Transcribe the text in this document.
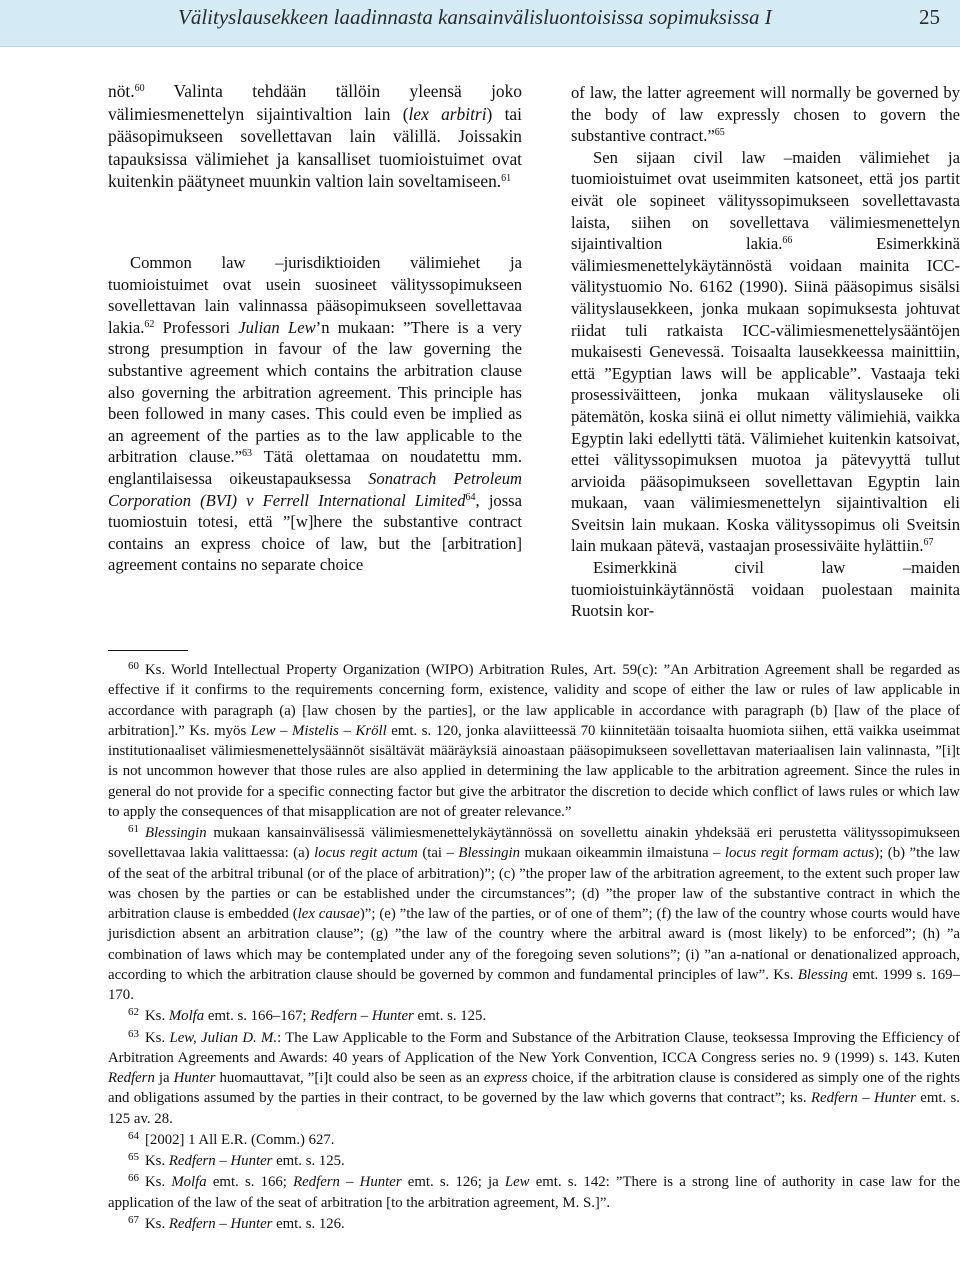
Välityslausekkeen laadinnasta kansainvälisluontoisissa sopimuksissa I	25

nöt.$^{60}$ Valinta tehdään tällöin yleensä joko välimiesmenettelyn sijaintivaltion lain (lex arbitri) tai pääsopimukseen sovellettavan lain välillä. Joissakin tapauksissa välimiehet ja kansalliset tuomioistuimet ovat kuitenkin päätyneet muunkin valtion lain soveltamiseen.$^{61}$

Common law –jurisdiktioiden välimiehet ja tuomioistuimet ovat usein suosineet välityssopimukseen sovellettavan lain valinnassa pääsopimukseen sovellettavaa lakia.$^{62}$ Professori Julian Lew’n mukaan: ”There is a very strong presumption in favour of the law governing the substantive agreement which contains the arbitration clause also governing the arbitration agreement. This principle has been followed in many cases. This could even be implied as an agreement of the parties as to the law applicable to the arbitration clause.”$^{63}$ Tätä olettamaa on noudatettu mm. englantilaisessa oikeustapauksessa Sonatrach Petroleum Corporation (BVI) v Ferrell International Limited$^{64}$, jossa tuomiostuin totesi, että ”[w]here the substantive contract contains an express choice of law, but the [arbitration] agreement contains no separate choice

of law, the latter agreement will normally be governed by the body of law expressly chosen to govern the substantive contract.”$^{65}$

Sen sijaan civil law –maiden välimiehet ja tuomioistuimet ovat useimmiten katsoneet, että jos partit eivät ole sopineet välityssopimukseen sovellettavasta laista, siihen on sovellettava välimiesmenettelyn sijaintivaltion lakia.$^{66}$ Esimerkkinä välimiesmenettelykäytännöstä voidaan mainita ICC-välitystuomio No. 6162 (1990). Siinä pääsopimus sisälsi välityslausekkeen, jonka mukaan sopimuksesta johtuvat riidat tuli ratkaista ICC-välimiesmenettelysääntöjen mukaisesti Genevessä. Toisaalta lausekkeessa mainittiin, että ”Egyptian laws will be applicable”. Vastaaja teki prosessiväitteen, jonka mukaan välityslauseke oli pätemätön, koska siinä ei ollut nimetty välimiehiä, vaikka Egyptin laki edellytti tätä. Välimiehet kuitenkin katsoivat, ettei välityssopimuksen muotoa ja pätevyyttä tullut arvioida pääsopimukseen sovellettavan Egyptin lain mukaan, vaan välimiesmenettelyn sijaintivaltion eli Sveitsin lain mukaan. Koska välityssopimus oli Sveitsin lain mukaan pätevä, vastaajan prosessiväite hylättiin.$^{67}$

Esimerkkinä civil law –maiden tuomioistuinkäytännöstä voidaan puolestaan mainita Ruotsin kor-

60 Ks. World Intellectual Property Organization (WIPO) Arbitration Rules, Art. 59(c): ”An Arbitration Agreement shall be regarded as effective if it confirms to the requirements concerning form, existence, validity and scope of either the law or rules of law applicable in accordance with paragraph (a) [law chosen by the parties], or the law applicable in accordance with paragraph (b) [law of the place of arbitration].” Ks. myös Lew – Mistelis – Kröll emt. s. 120, jonka alaviitteessä 70 kiinnitetään toisaalta huomiota siihen, että vaikka useimmat institutionaaliset välimiesmenettelysäännöt sisältävät määräyksiä ainoastaan pääsopimukseen sovellettavan materiaalisen lain valinnasta, ”[i]t is not uncommon however that those rules are also applied in determining the law applicable to the arbitration agreement. Since the rules in general do not provide for a specific connecting factor but give the arbitrator the discretion to decide which conflict of laws rules or which law to apply the consequences of that misapplication are not of greater relevance.”

61 Blessingin mukaan kansainvälisessä välimiesmenettelykäytännössä on sovellettu ainakin yhdeksää eri perustetta välityssopimukseen sovellettavaa lakia valittaessa: (a) locus regit actum (tai – Blessingin mukaan oikeammin ilmaistuna – locus regit formam actus); (b) ”the law of the seat of the arbitral tribunal (or of the place of arbitration)”; (c) ”the proper law of the arbitration agreement, to the extent such proper law was chosen by the parties or can be established under the circumstances”; (d) ”the proper law of the substantive contract in which the arbitration clause is embedded (lex causae)”; (e) ”the law of the parties, or of one of them”; (f) the law of the country whose courts would have jurisdiction absent an arbitration clause”; (g) ”the law of the country where the arbitral award is (most likely) to be enforced”; (h) ”a combination of laws which may be contemplated under any of the foregoing seven solutions”; (i) ”an a-national or denationalized approach, according to which the arbitration clause should be governed by common and fundamental principles of law”. Ks. Blessing emt. 1999 s. 169–170.

62 Ks. Molfa emt. s. 166–167; Redfern – Hunter emt. s. 125.

63 Ks. Lew, Julian D. M.: The Law Applicable to the Form and Substance of the Arbitration Clause, teoksessa Improving the Efficiency of Arbitration Agreements and Awards: 40 years of Application of the New York Convention, ICCA Congress series no. 9 (1999) s. 143. Kuten Redfern ja Hunter huomauttavat, ”[i]t could also be seen as an express choice, if the arbitration clause is considered as simply one of the rights and obligations assumed by the parties in their contract, to be governed by the law which governs that contract”; ks. Redfern – Hunter emt. s. 125 av. 28.

64 [2002] 1 All E.R. (Comm.) 627.

65 Ks. Redfern – Hunter emt. s. 125.

66 Ks. Molfa emt. s. 166; Redfern – Hunter emt. s. 126; ja Lew emt. s. 142: ”There is a strong line of authority in case law for the application of the law of the seat of arbitration [to the arbitration agreement, M. S.]”.

67 Ks. Redfern – Hunter emt. s. 126.
